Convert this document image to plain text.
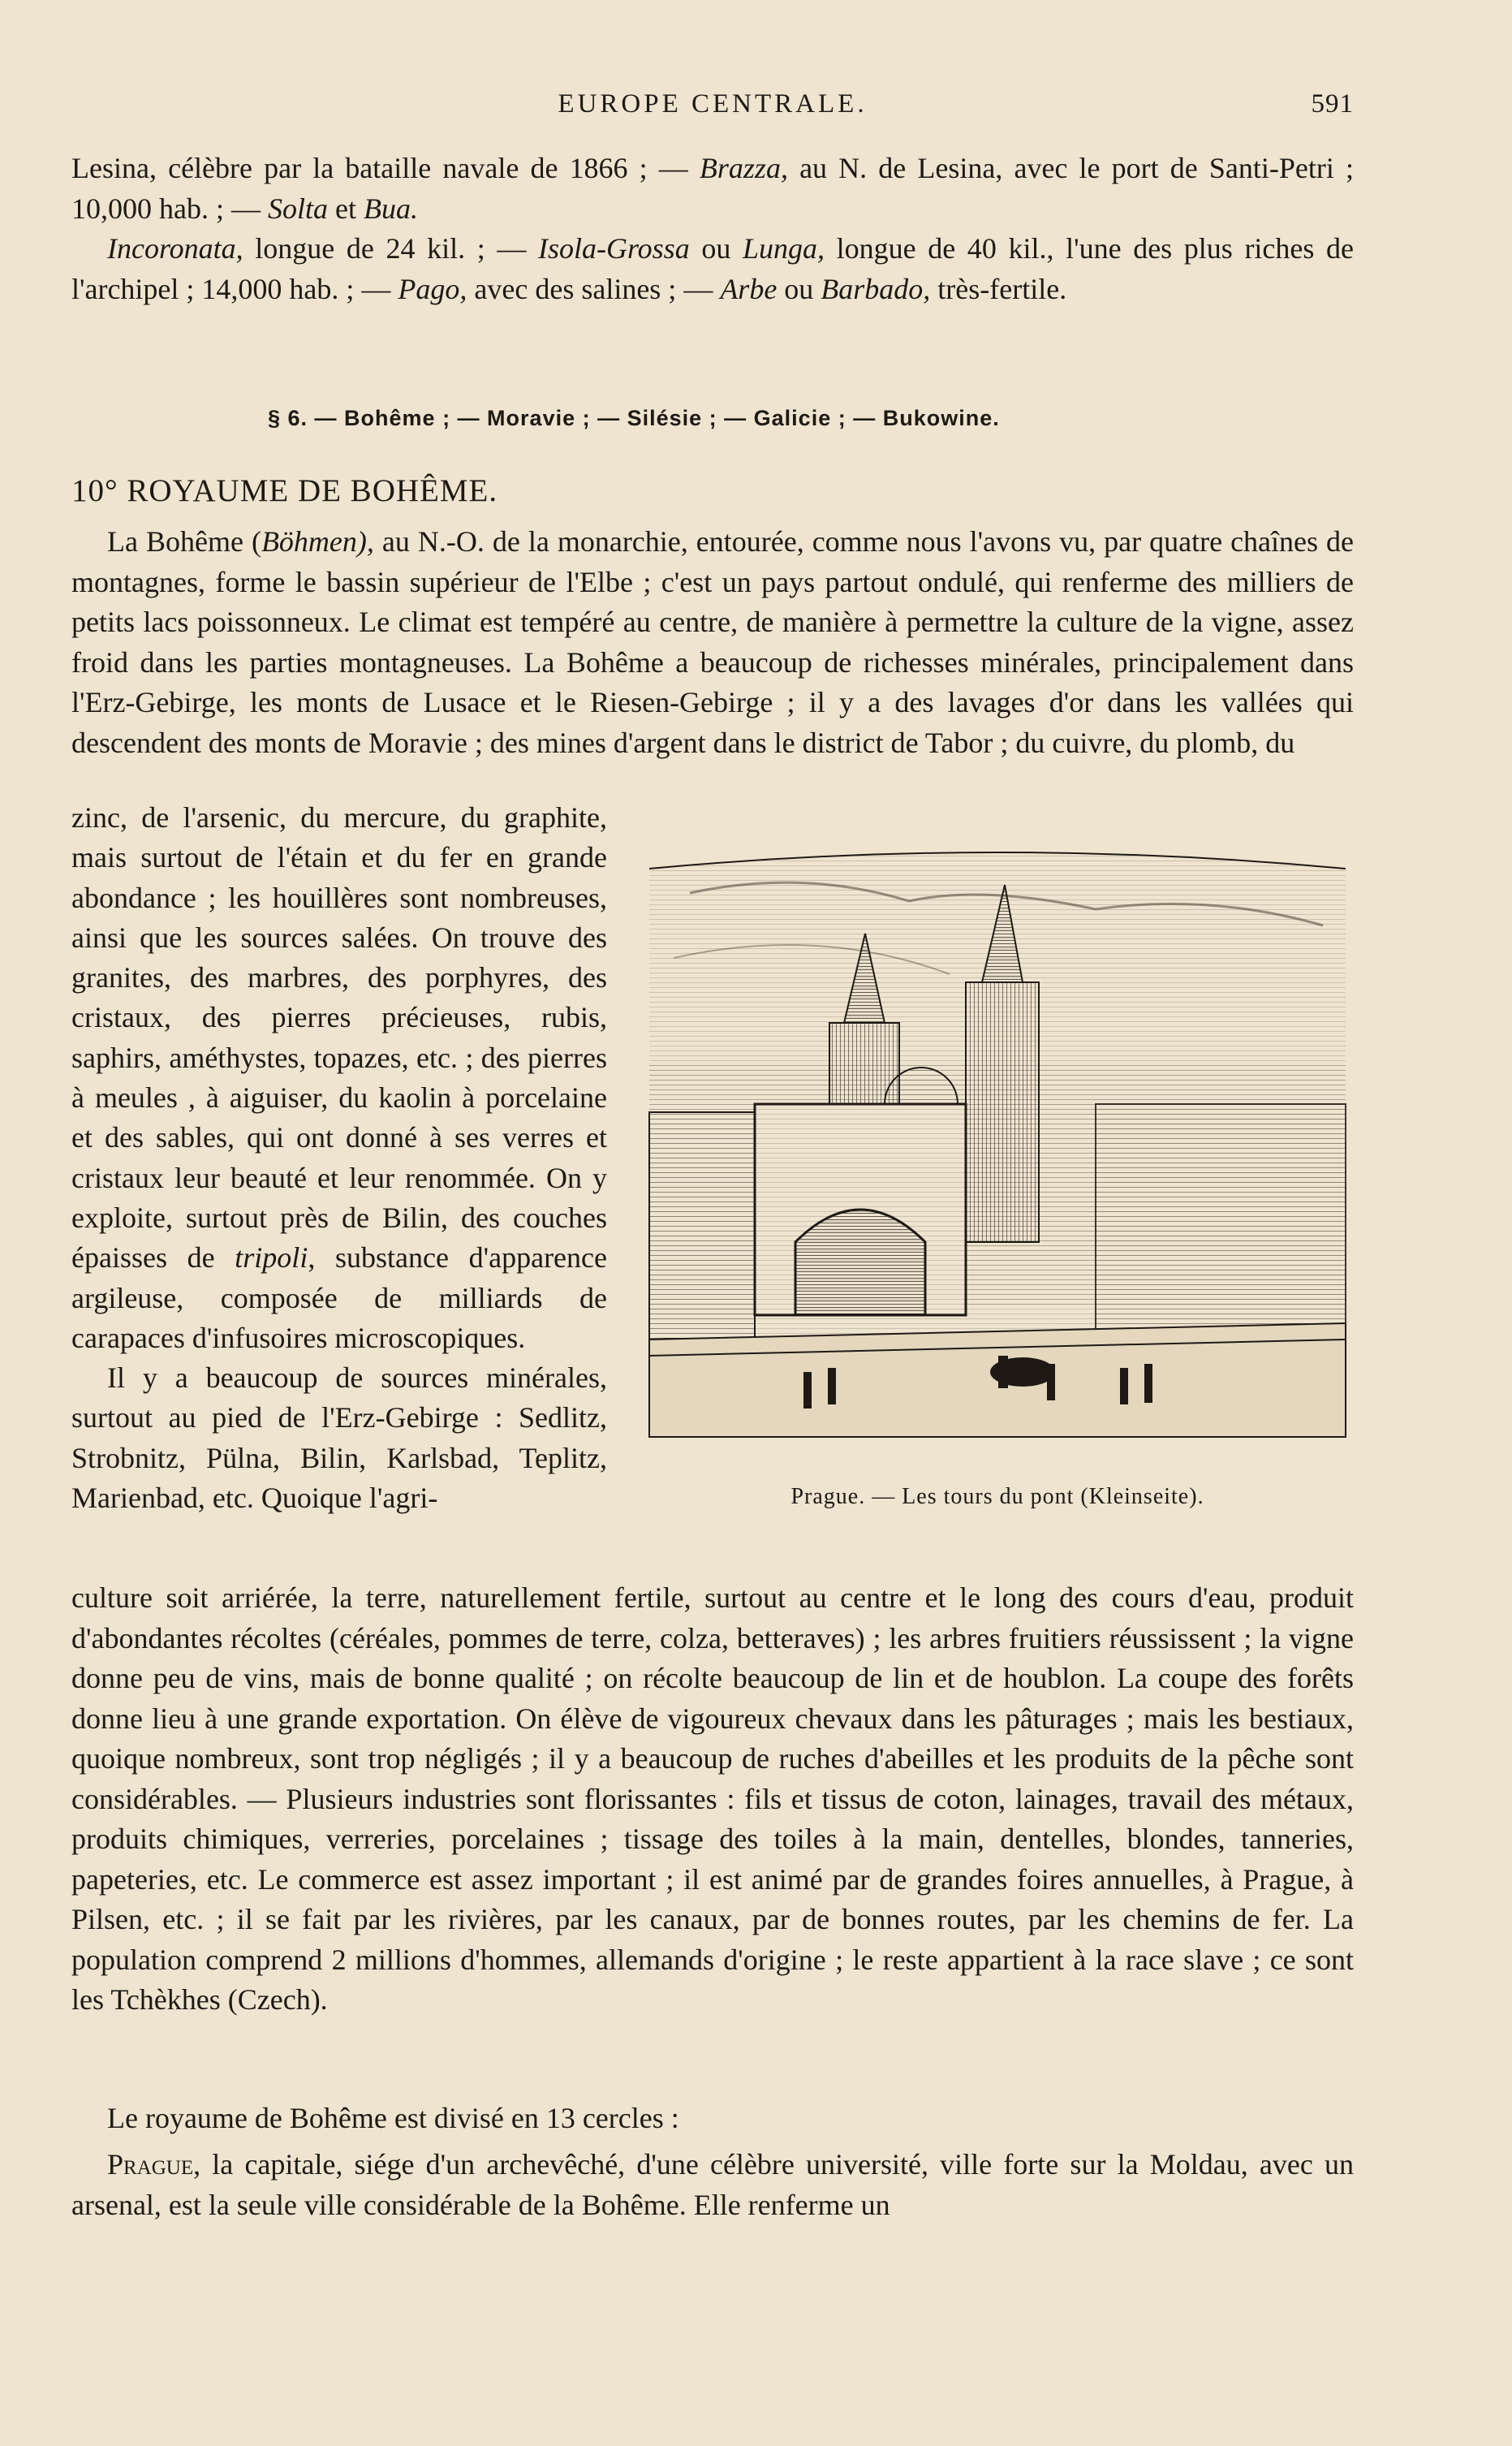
EUROPE CENTRALE.	591

Lesina, célèbre par la bataille navale de 1866 ; — Brazza, au N. de Lesina, avec le port de Santi-Petri ; 10,000 hab. ; — Solta et Bua.
Incoronata, longue de 24 kil. ; — Isola-Grossa ou Lunga, longue de 40 kil., l'une des plus riches de l'archipel ; 14,000 hab. ; — Pago, avec des salines ; — Arbe ou Barbado, très-fertile.

§ 6. — Bohême ; — Moravie ; — Silésie ; — Galicie ; — Bukowine.
10° ROYAUME DE BOHÊME.

La Bohême (Böhmen), au N.-O. de la monarchie, entourée, comme nous l'avons vu, par quatre chaînes de montagnes, forme le bassin supérieur de l'Elbe ; c'est un pays partout ondulé, qui renferme des milliers de petits lacs poissonneux. Le climat est tempéré au centre, de manière à permettre la culture de la vigne, assez froid dans les parties montagneuses. La Bohême a beaucoup de richesses minérales, principalement dans l'Erz-Gebirge, les monts de Lusace et le Riesen-Gebirge ; il y a des lavages d'or dans les vallées qui descendent des monts de Moravie ; des mines d'argent dans le district de Tabor ; du cuivre, du plomb, du

zinc, de l'arsenic, du mercure, du graphite, mais surtout de l'étain et du fer en grande abondance ; les houillères sont nombreuses, ainsi que les sources salées. On trouve des granites, des marbres, des porphyres, des cristaux, des pierres précieuses, rubis, saphirs, améthystes, topazes, etc. ; des pierres à meules , à aiguiser, du kaolin à porcelaine et des sables, qui ont donné à ses verres et cristaux leur beauté et leur renommée. On y exploite, surtout près de Bilin, des couches épaisses de tripoli, substance d'apparence argileuse, composée de milliards de carapaces d'infusoires microscopiques.
Il y a beaucoup de sources minérales, surtout au pied de l'Erz-Gebirge : Sedlitz, Strobnitz, Pülna, Bilin, Karlsbad, Teplitz, Marienbad, etc. Quoique l'agri-	Prague. — Les tours du pont (Kleinseite).

culture soit arriérée, la terre, naturellement fertile, surtout au centre et le long des cours d'eau, produit d'abondantes récoltes (céréales, pommes de terre, colza, betteraves) ; les arbres fruitiers réussissent ; la vigne donne peu de vins, mais de bonne qualité ; on récolte beaucoup de lin et de houblon. La coupe des forêts donne lieu à une grande exportation. On élève de vigoureux chevaux dans les pâturages ; mais les bestiaux, quoique nombreux, sont trop négligés ; il y a beaucoup de ruches d'abeilles et les produits de la pêche sont considérables. — Plusieurs industries sont florissantes : fils et tissus de coton, lainages, travail des métaux, produits chimiques, verreries, porcelaines ; tissage des toiles à la main, dentelles, blondes, tanneries, papeteries, etc. Le commerce est assez important ; il est animé par de grandes foires annuelles, à Prague, à Pilsen, etc. ; il se fait par les rivières, par les canaux, par de bonnes routes, par les chemins de fer. La population comprend 2 millions d'hommes, allemands d'origine ; le reste appartient à la race slave ; ce sont les Tchèkhes (Czech).

Le royaume de Bohême est divisé en 13 cercles :

Prague, la capitale, siége d'un archevêché, d'une célèbre université, ville forte sur la Moldau, avec un arsenal, est la seule ville considérable de la Bohême. Elle renferme un
